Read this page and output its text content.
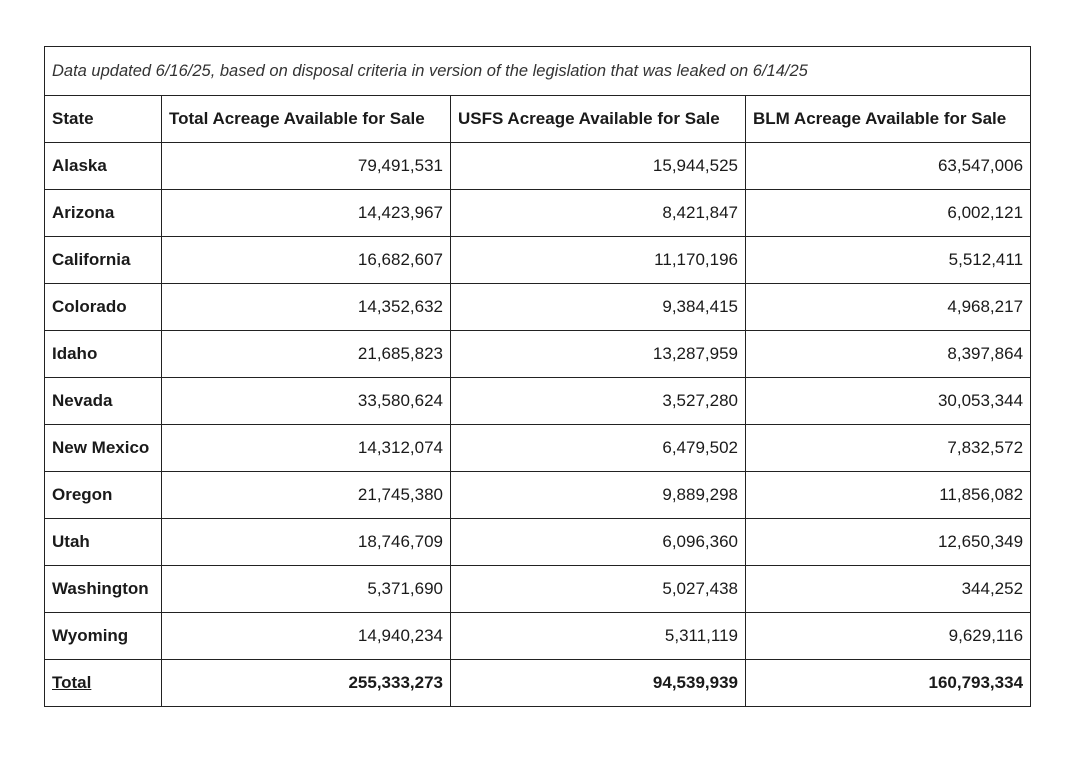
Data updated 6/16/25, based on disposal criteria in version of the legislation that was leaked on 6/14/25			
State	Total Acreage Available for Sale	USFS Acreage Available for Sale	BLM Acreage Available for Sale
Alaska	79,491,531	15,944,525	63,547,006
Arizona	14,423,967	8,421,847	6,002,121
California	16,682,607	11,170,196	5,512,411
Colorado	14,352,632	9,384,415	4,968,217
Idaho	21,685,823	13,287,959	8,397,864
Nevada	33,580,624	3,527,280	30,053,344
New Mexico	14,312,074	6,479,502	7,832,572
Oregon	21,745,380	9,889,298	11,856,082
Utah	18,746,709	6,096,360	12,650,349
Washington	5,371,690	5,027,438	344,252
Wyoming	14,940,234	5,311,119	9,629,116
Total	255,333,273	94,539,939	160,793,334
